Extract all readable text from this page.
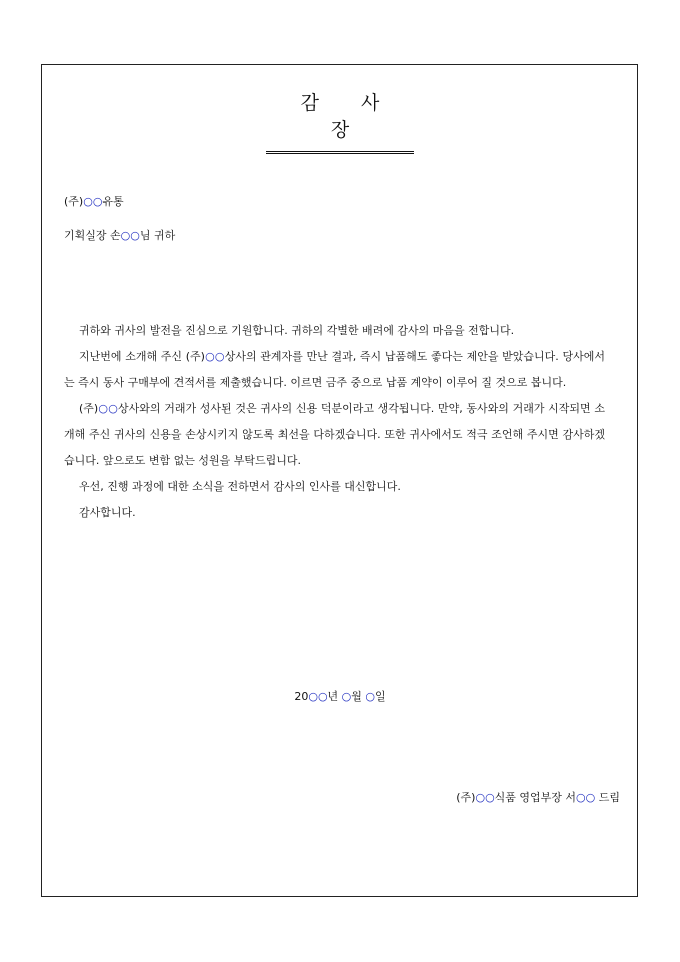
감 사 장
(주)○○유통
기획실장 손○○님 귀하

귀하와 귀사의 발전을 진심으로 기원합니다. 귀하의 각별한 배려에 감사의 마음을 전합니다.

지난번에 소개해 주신 (주)○○상사의 관계자를 만난 결과, 즉시 납품해도 좋다는 제안을 받았습니다. 당사에서는 즉시 동사 구매부에 견적서를 제출했습니다. 이르면 금주 중으로 납품 계약이 이루어 질 것으로 봅니다.

(주)○○상사와의 거래가 성사된 것은 귀사의 신용 덕분이라고 생각됩니다. 만약, 동사와의 거래가 시작되면 소개해 주신 귀사의 신용을 손상시키지 않도록 최선을 다하겠습니다. 또한 귀사에서도 적극 조언해 주시면 감사하겠습니다. 앞으로도 변함 없는 성원을 부탁드립니다.

우선, 진행 과정에 대한 소식을 전하면서 감사의 인사를 대신합니다.

감사합니다.

20○○년 ○월 ○일
(주)○○식품 영업부장 서○○ 드림
